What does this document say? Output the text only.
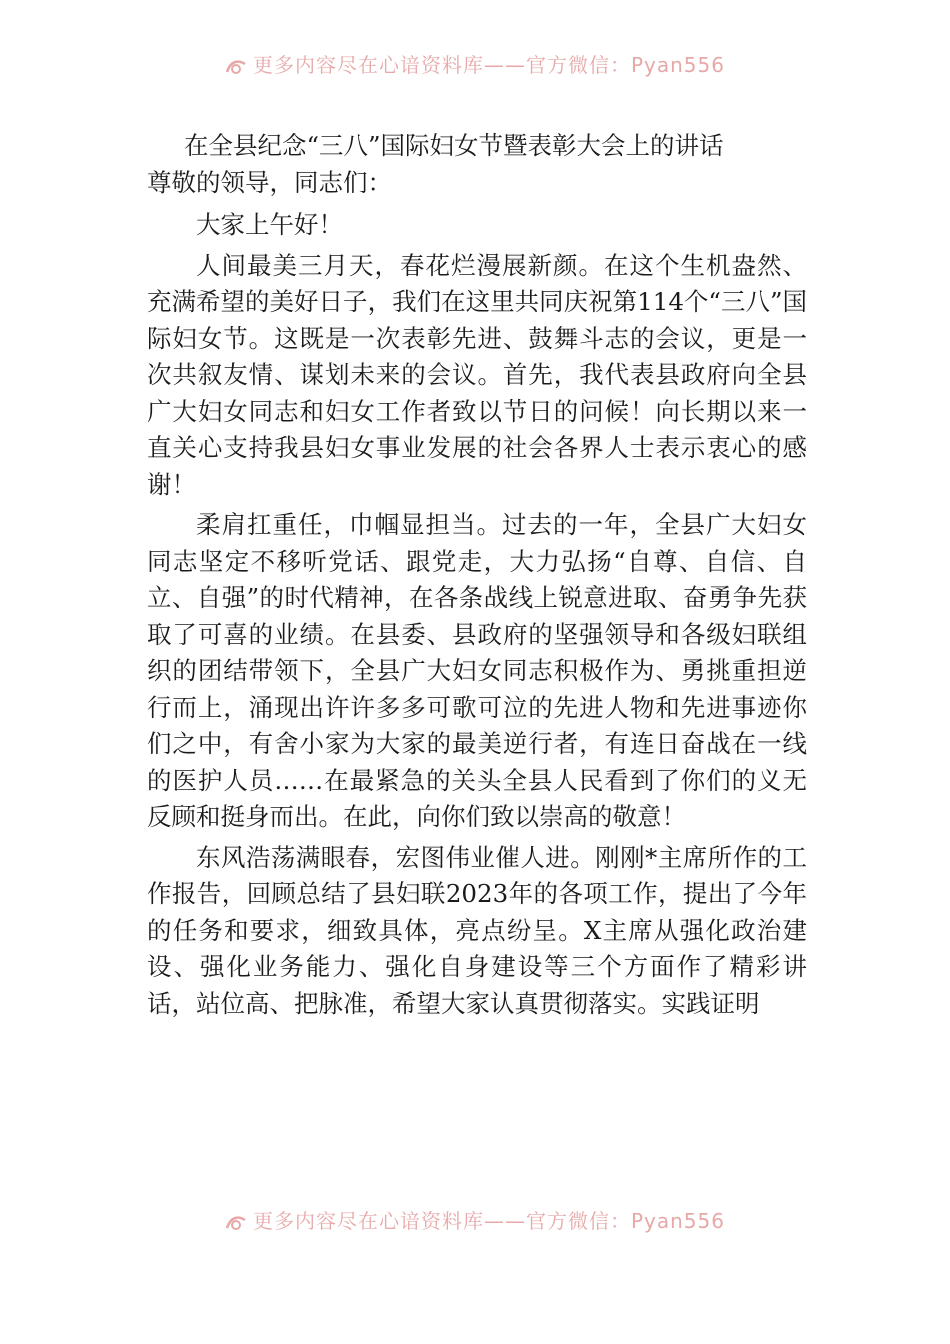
更多内容尽在心谙资料库——官方微信：Pyan556
在全县纪念“三八”国际妇女节暨表彰大会上的讲话

尊敬的领导，同志们：

大家上午好！

人间最美三月天，春花烂漫展新颜。在这个生机盎然、充满希望的美好日子，我们在这里共同庆祝第114个“三八”国际妇女节。这既是一次表彰先进、鼓舞斗志的会议，更是一次共叙友情、谋划未来的会议。首先，我代表县政府向全县广大妇女同志和妇女工作者致以节日的问候！向长期以来一直关心支持我县妇女事业发展的社会各界人士表示衷心的感谢！

柔肩扛重任，巾帼显担当。过去的一年，全县广大妇女同志坚定不移听党话、跟党走，大力弘扬“自尊、自信、自立、自强”的时代精神，在各条战线上锐意进取、奋勇争先获取了可喜的业绩。在县委、县政府的坚强领导和各级妇联组织的团结带领下，全县广大妇女同志积极作为、勇挑重担逆行而上，涌现出许许多多可歌可泣的先进人物和先进事迹你们之中，有舍小家为大家的最美逆行者，有连日奋战在一线的医护人员……在最紧急的关头全县人民看到了你们的义无反顾和挺身而出。在此，向你们致以崇高的敬意！

东风浩荡满眼春，宏图伟业催人进。刚刚*主席所作的工作报告，回顾总结了县妇联2023年的各项工作，提出了今年的任务和要求，细致具体，亮点纷呈。X主席从强化政治建设、强化业务能力、强化自身建设等三个方面作了精彩讲话，站位高、把脉准，希望大家认真贯彻落实。实践证明

更多内容尽在心谙资料库——官方微信：Pyan556
